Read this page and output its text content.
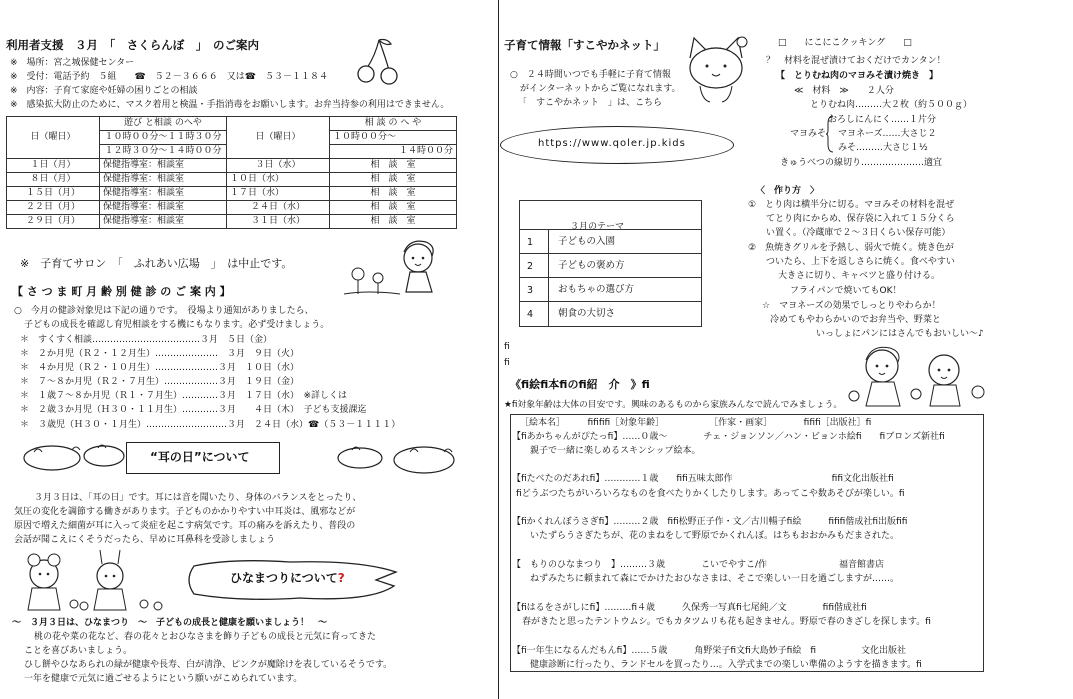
利用者支援　３月　「　さくらんぼ　」　のご案内
※　場所：宮之城保健センター
※　受付：電話予約　５組　　☎　５２－３６６６　又は☎　５３－１１８４
※　内容：子育て家庭や妊婦の困りごとの相談
※　感染拡大防止のために、マスク着用と検温・手指消毒をお願いします。お弁当持参の利用はできません。
日（曜日）	遊び と相談 のへや	日（曜日）	相 談 の へ や
	１０時００分～１１時３０分		１０時００分～
	１２時３０分～１４時００分		１４時００分
１日（月）	保健指導室：相談室	３日（水）	相　談　室
８日（月）	保健指導室：相談室	１０日（水）	相　談　室
１５日（月）	保健指導室：相談室	１７日（水）	相　談　室
２２日（月）	保健指導室：相談室	２４日（水）	相　談　室
２９日（月）	保健指導室：相談室	３１日（水）	相　談　室
※　子育てサロン　「　ふれあい広場　」　は中止です。
【 さ つ ま 町 月 齢 別 健 診 の ご 案 内 】
○　今月の健診対象児は下記の通りです。　役場より通知がありましたら、
子どもの成長を確認し育児相談をする機にもなります。必ず受けましょう。
＊　すくすく相談………………………………３月　５日（金）
＊　２か月児（Ｒ２・１２月生）…………………　３月　９日（火）
＊　４か月児（Ｒ２・１０月生）…………………３月　１０日（水）
＊　７～８か月児（Ｒ２・７月生）………………３月　１９日（金）
＊　１歳７～８か月児（Ｒ１・７月生）…………３月　１７日（水）　※詳しくは
＊　２歳３か月児（Ｈ３０・１１月生）…………３月　　４日（木）　子ども支援課迄
＊　３歳児（Ｈ３０・１月生）………………………３月　２４日（水）☎（５３－１１１１）
“耳の日”について
３月３日は、「耳の日」です。耳には音を聞いたり、身体のバランスをとったり、
気圧の変化を調節する働きがあります。子どものかかりやすい中耳炎は、風邪などが
原因で増えた細菌が耳に入って炎症を起こす病気です。耳の痛みを訴えたり、普段の
会話が聞こえにくそうだったら、早めに耳鼻科を受診しましょう
ひなまつりについて?
～　３月３日は、ひなまつり　～　子どもの成長と健康を願いましょう！　～
桃の花や菜の花など、春の花々とおひなさまを飾り子どもの成長と元気に育ってきた
ことを喜びあいましょう。
ひし餅やひなあられの緑が健康や長寿、白が清浄、ピンクが魔除けを表しているそうです。
一年を健康で元気に過ごせるようにという願いがこめられています。
子育て情報「すこやかネット」
○　２４時間いつでも手軽に子育て情報
がインターネットからご覧になれます。
「　すこやかネット　」は、こちら
https://www.qoler.jp.kids
３月のテーマ
1	子どもの入園
2	子どもの褒め方
3	おもちゃの選び方
4	朝食の大切さ
□　　にこにこクッキング　　□
？　材料を混ぜ漬けておくだけでカンタン！
【　とりむね肉のマヨみそ漬け焼き　】
≪　材料　≫　　２人分
とりむね肉………大２枚（約５００ｇ）
おろしにんにく……１片分
マヨみそ マヨネーズ……大さじ２
みそ………大さじ１½
きゅうべつの線切り…………………適宜
〈　作り方　〉
①　とり肉は横半分に切る。マヨみその材料を混ぜ
てとり肉にからめ、保存袋に入れて１５分くら
い置く。（冷蔵庫で２～３日くらい保存可能）
②　魚焼きグリルを予熱し、弱火で焼く。焼き色が
ついたら、上下を返しさらに焼く。食べやすい
大きさに切り、キャベツと盛り付ける。
フライパンで焼いてもOK！
☆　マヨネーズの効果でしっとりやわらか！
冷めてもやわらかいのでお弁当や、野菜と
いっしょにパンにはさんでもおいしい～♪
ﬁ
ﬁ
《ﬁ絵ﬁ本ﬁのﬁ紹　介　》ﬁ
★ﬁ対象年齢は大体の目安です。興味のあるものから家族みんなで読んでみましょう。
［絵本名］　　　ﬁﬁﬁﬁ［対象年齢］　　　　　　［作家・画家］　　　　ﬁﬁﬁ［出版社］ﬁ
【ﬁあかちゃんがぴたっﬁ】……０歳～　　　　チェ・ジョンソン／ハン・ビョンホ絵ﬁ　　ﬁブロンズ新社ﬁ
親子で一緒に楽しめるスキンシップ絵本。
【ﬁたべたのだあれﬁ】…………１歳　　ﬁﬁ五味太郎作　　　　　　　　　　　ﬁﬁ文化出版社ﬁ
ﬁどうぶつたちがいろいろなものを食べたりかくしたりします。あってこや数あそびが楽しい。ﬁ
【ﬁかくれんぼうさぎﬁ】………２歳　ﬁﬁ松野正子作・文／古川暢子ﬁ絵　　　ﬁﬁﬁ偕成社ﬁ出版ﬁﬁ
いたずらうさぎたちが、花のまねをして野原でかくれんぼ。はちもおおかみもだまされた。
【　もりのひなまつり　】………３歳　　　　こいでやすこ/作　　　　　　　　福音館書店
ねずみたちに頼まれて森にでかけたおひなさまは、そこで楽しい一日を過ごしますが……。
【ﬁはるをさがしにﬁ】………ﬁ４歳　　　久保秀一写真ﬁ七尾純／文　　　　ﬁﬁ偕成社ﬁ
春がきたと思ったテントウムシ。でもカタツムリも花も起きません。野原で春のきざしを探します。ﬁ
【ﬁ一年生になるんだもんﬁ】……５歳　　　角野栄子ﬁ文ﬁ大島妙子ﬁ絵　ﬁ　　　　　文化出版社
健康診断に行ったり、ランドセルを買ったり…。入学式までの楽しい準備のようすを描きます。ﬁ
